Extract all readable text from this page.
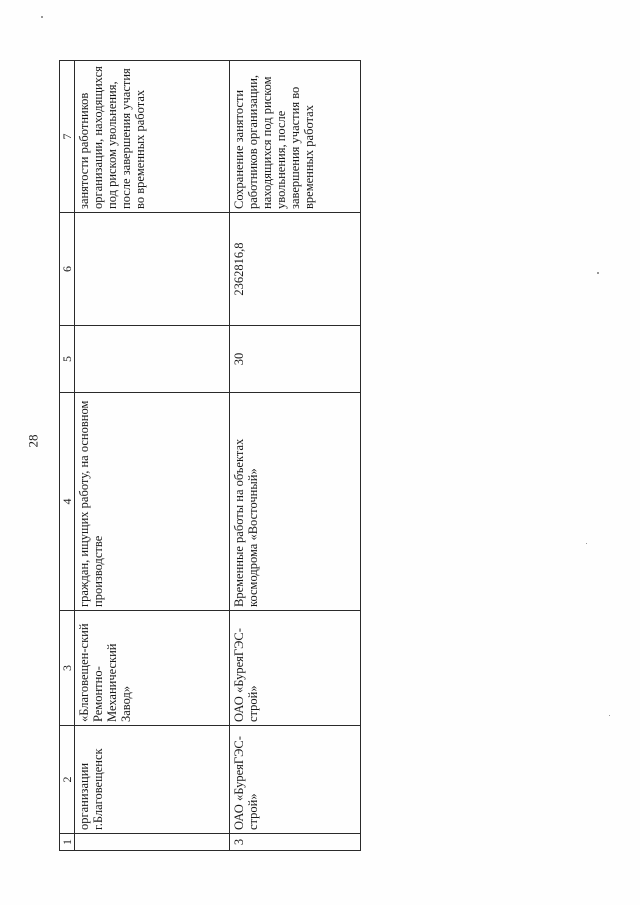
28
1	2	3	4	5	6	7
	организации г.Благовещенск	«Благовещен-ский Ремонтно-Механический Завод»	граждан, ищущих работу, на основном производстве			занятости работников организации, находящихся под риском увольнения, после завершения участия во временных работах
3	ОАО «БуреяГЭС-строй»	ОАО «БуреяГЭС-строй»	Временные работы на объектах космодрома «Восточный»	30	2362816,8	Сохранение занятости работников организации, находящихся под риском увольнения, после завершения участия во временных работах
